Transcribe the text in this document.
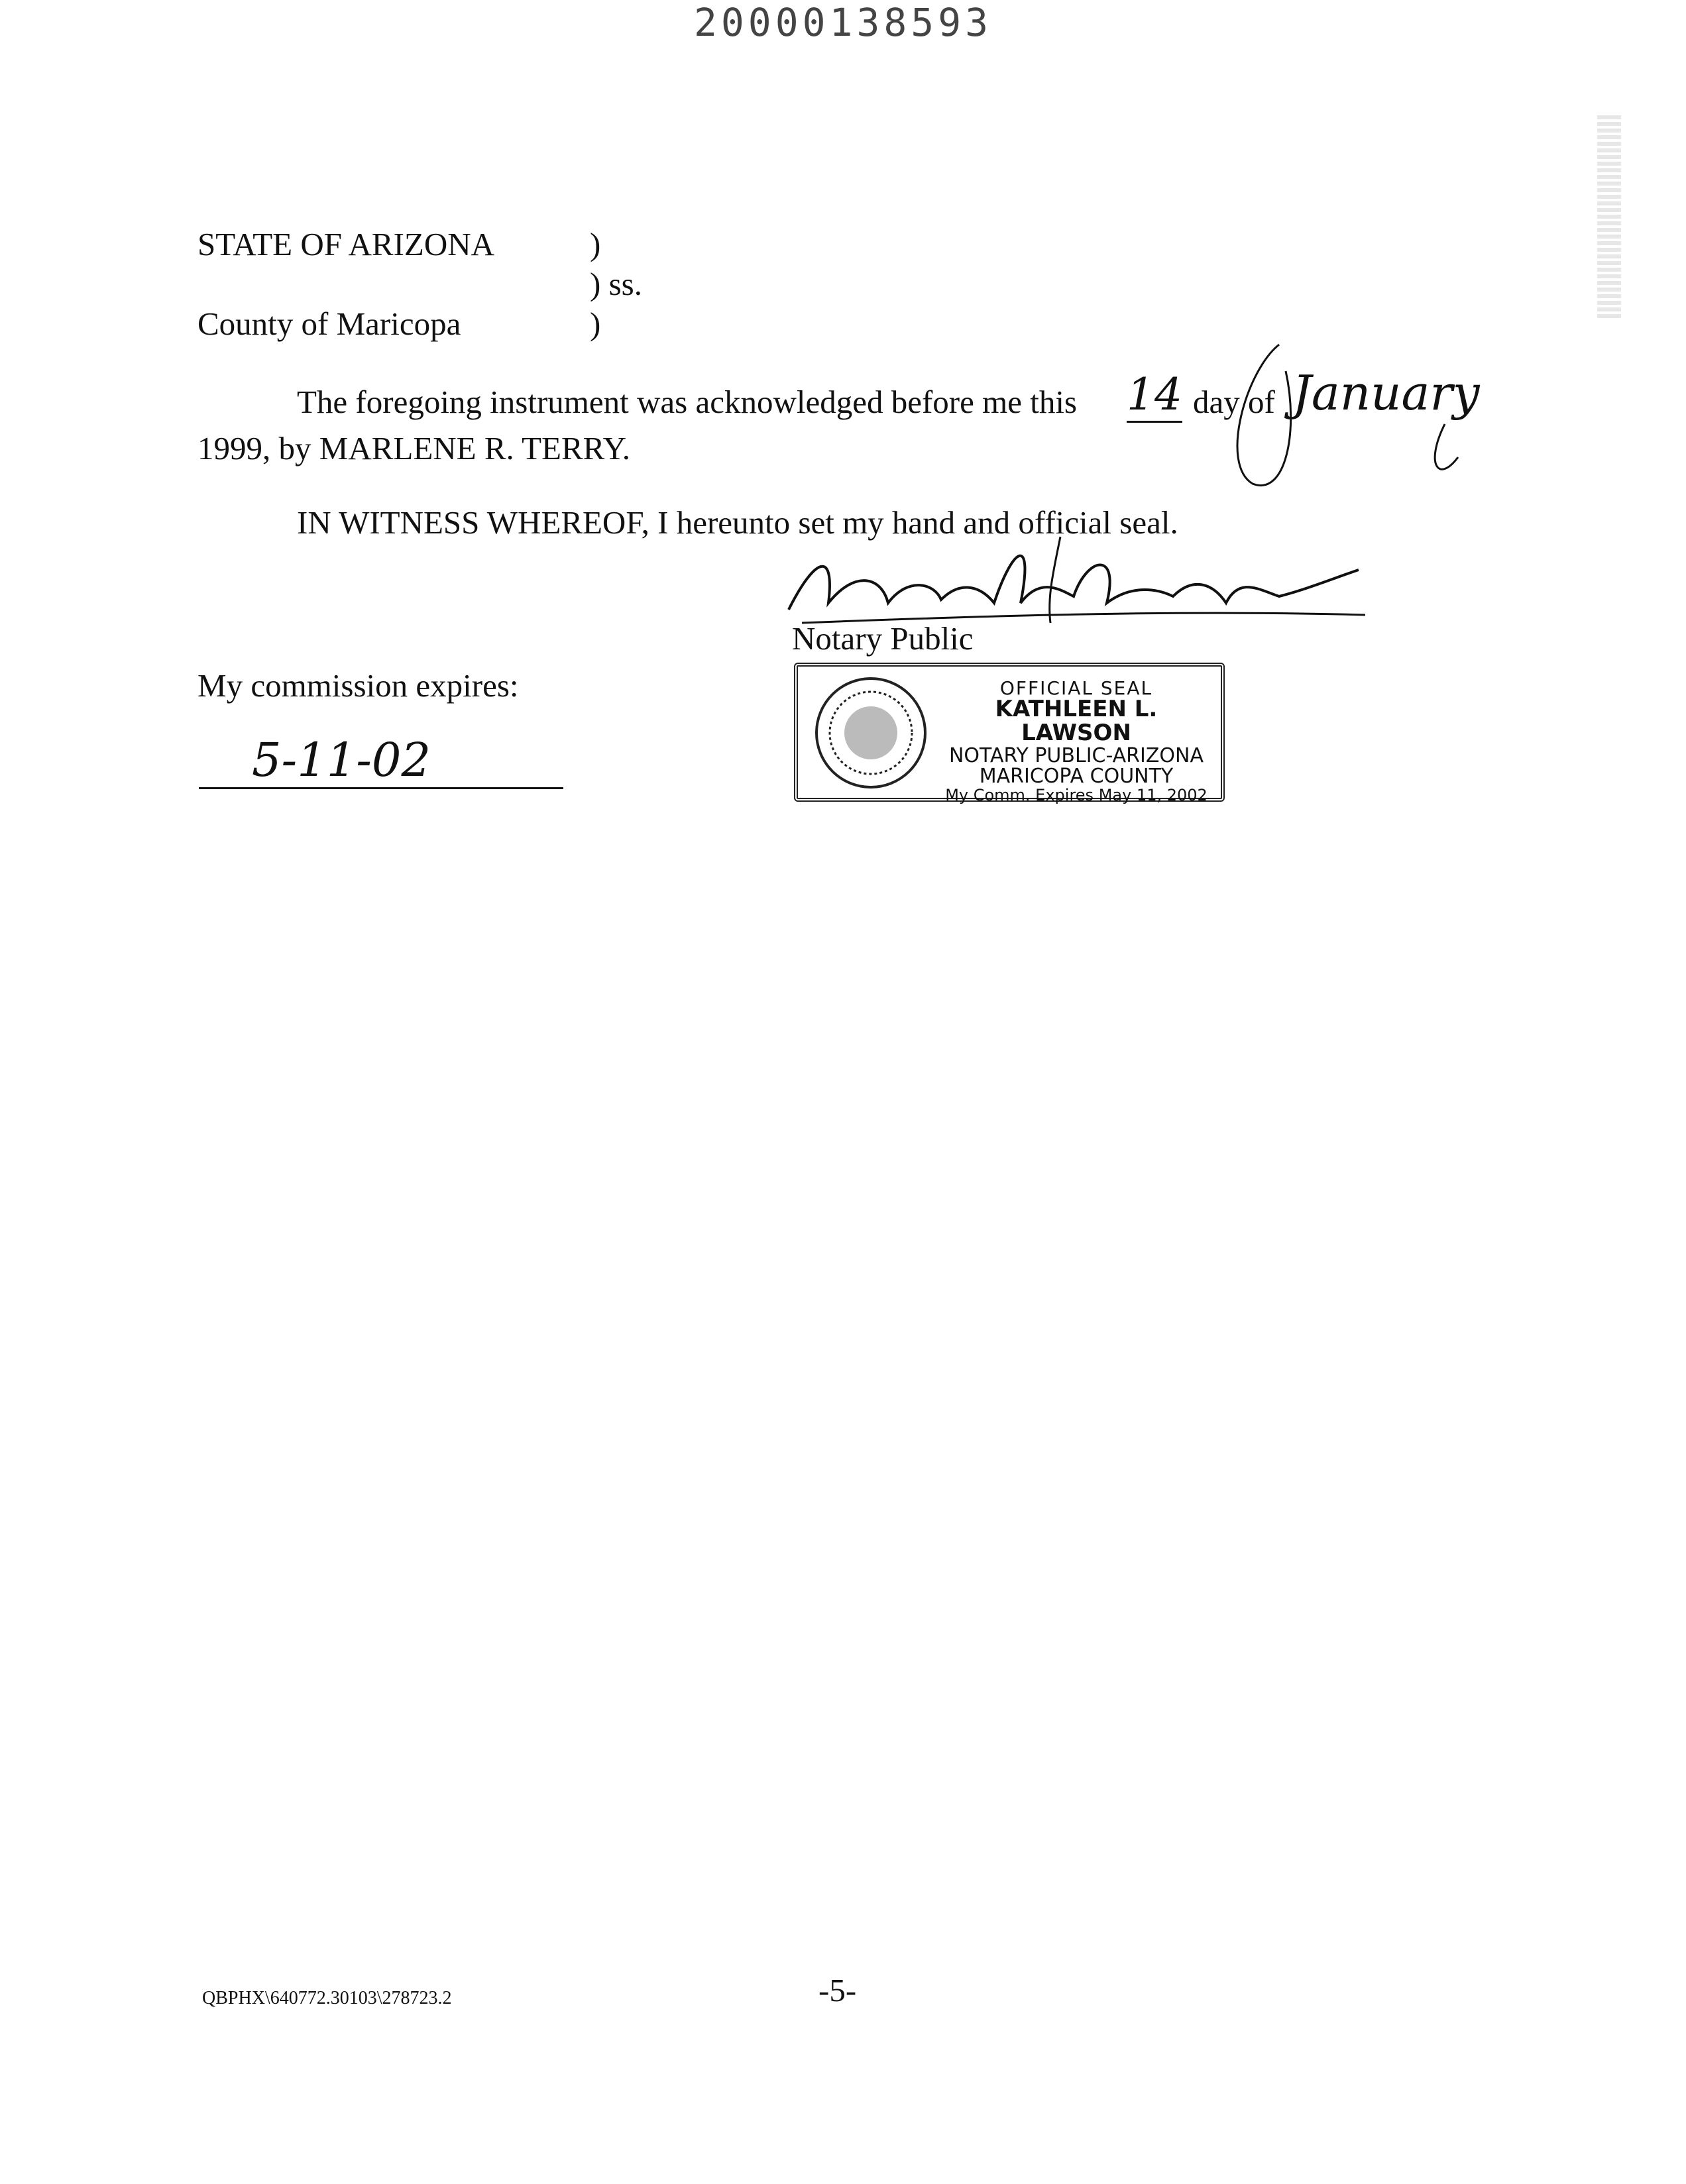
20000138593
STATE OF ARIZONA	)
) ss.
County of Maricopa	)
The foregoing instrument was acknowledged before me this 14 day of January
1999, by MARLENE R. TERRY.
IN WITNESS WHEREOF, I hereunto set my hand and official seal.
Notary Public
My commission expires:
5-11-02
OFFICIAL SEAL
KATHLEEN L. LAWSON
NOTARY PUBLIC-ARIZONA
MARICOPA COUNTY
My Comm. Expires May 11, 2002
QBPHX\640772.30103\278723.2	-5-
